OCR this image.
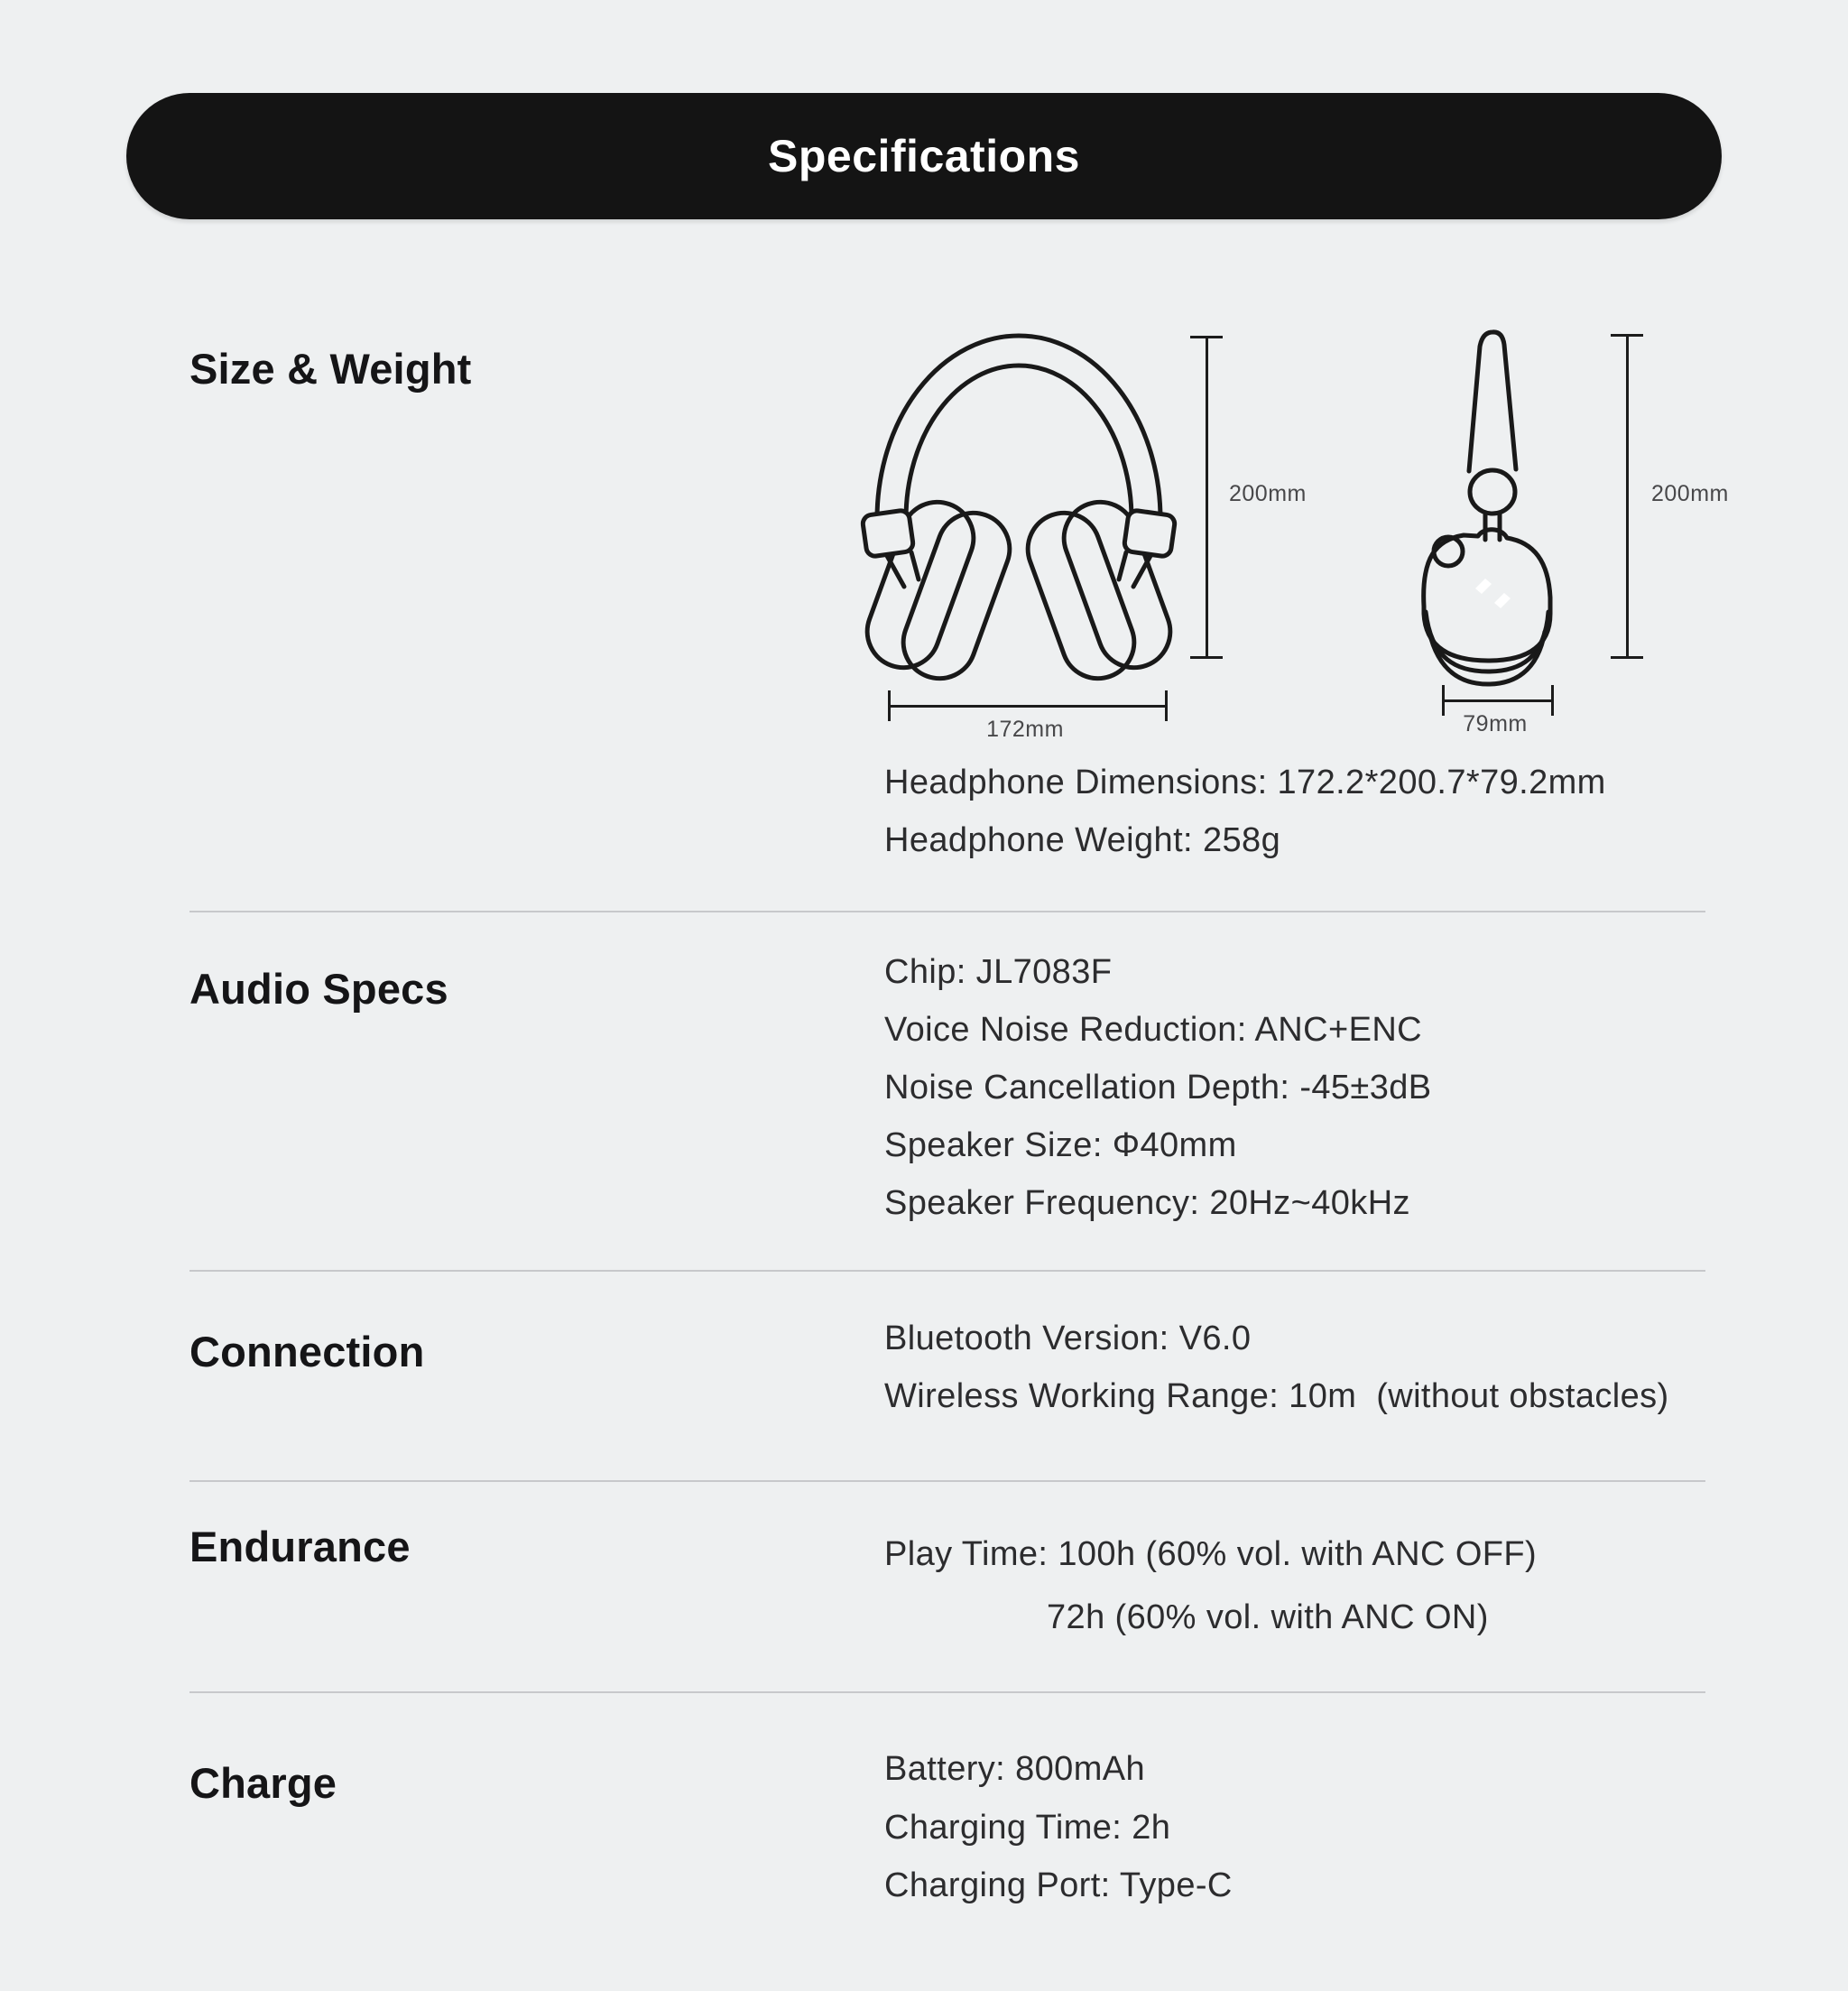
Specifications
Size & Weight
200mm
172mm
200mm
79mm
Headphone Dimensions: 172.2*200.7*79.2mm
Headphone Weight: 258g
Audio Specs	Chip: JL7083F
Voice Noise Reduction: ANC+ENC
Noise Cancellation Depth: -45±3dB
Speaker Size: Φ40mm
Speaker Frequency: 20Hz~40kHz
Connection	Bluetooth Version: V6.0
Wireless Working Range: 10m  (without obstacles)
Endurance	Play Time: 100h (60% vol. with ANC OFF)
72h (60% vol. with ANC ON)
Charge	Battery: 800mAh
Charging Time: 2h
Charging Port: Type-C
